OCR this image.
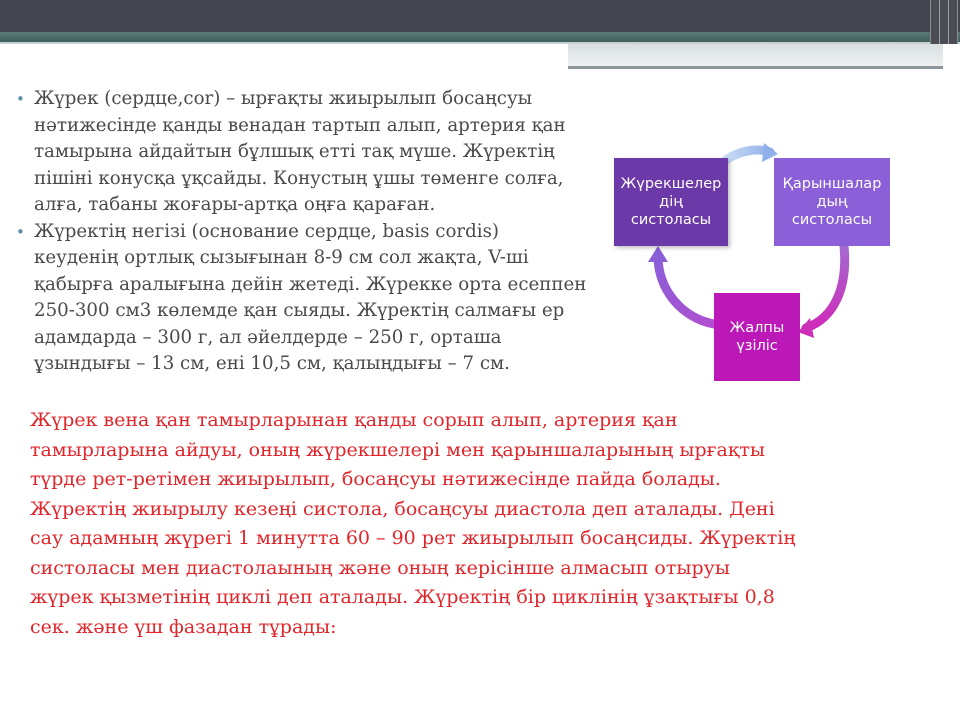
• Жүрек (сердце,cor) – ырғақты жиырылып босаңсуы
нәтижесінде қанды венадан тартып алып, артерия қан
тамырына айдайтын бұлшық етті тақ мүше. Жүректің
пішіні конусқа ұқсайды. Конустың ұшы төменге солға,
алға, табаны жоғары-артқа оңға қараған.
• Жүректің негізі (основание сердце, basis cordis)
кеуденің ортлық сызығынан 8-9 см сол жақта, V-ші
қабырға аралығына дейін жетеді. Жүрекке орта есеппен
250-300 см3 көлемде қан сыяды. Жүректің салмағы ер
адамдарда – 300 г, ал әйелдерде – 250 г, орташа
ұзындығы – 13 см, ені 10,5 см, қалыңдығы – 7 см.
Жүрекшелер
дің
систоласы
Қарыншалар
дың
систоласы
Жалпы
үзіліс

Жүрек вена қан тамырларынан қанды сорып алып, артерия қан
тамырларына айдуы, оның жүрекшелері мен қарыншаларының ырғақты
түрде рет-ретімен жиырылып, босаңсуы нәтижесінде пайда болады.
Жүректің жиырылу кезеңі систола, босаңсуы диастола деп аталады. Дені
сау адамның жүрегі 1 минутта 60 – 90 рет жиырылып босаңсиды. Жүректің
систоласы мен диастолаының және оның керісінше алмасып отыруы
жүрек қызметінің циклі деп аталады. Жүректің бір циклінің ұзақтығы 0,8
сек. және үш фазадан тұрады:
